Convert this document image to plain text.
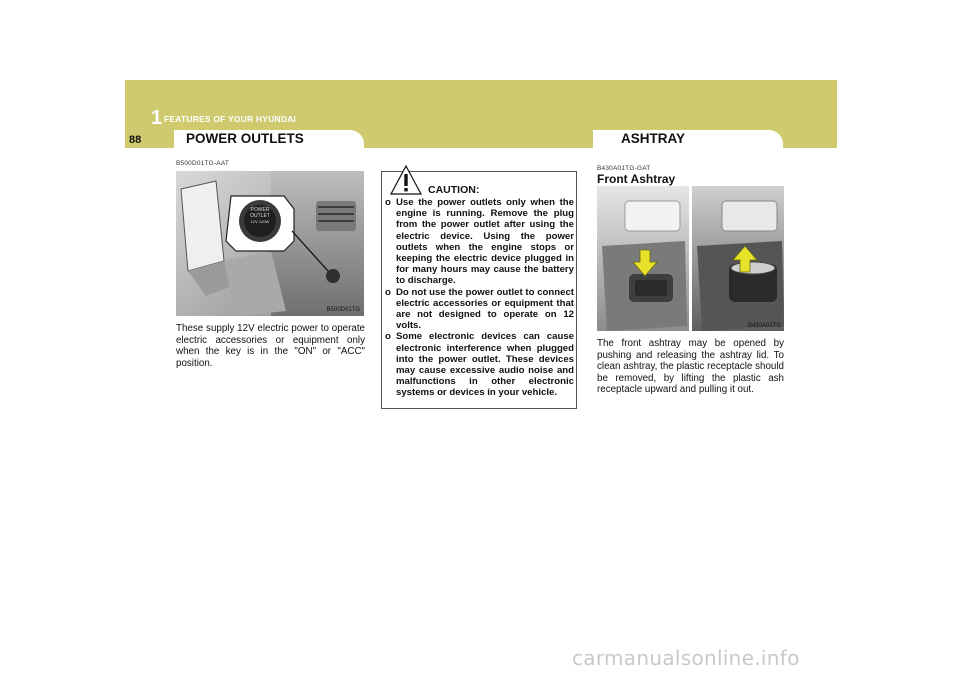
1 FEATURES OF YOUR HYUNDAI
88	POWER OUTLETS	ASHTRAY
B500D01TG-AAT
POWER
OUTLET
12V 120W
B500D01TG
These supply 12V electric power to operate electric accessories or equipment only when the key is in the "ON" or "ACC" position.
CAUTION:
o Use the power outlets only when the engine is running. Remove the plug from the power outlet after using the electric device. Using the power outlets when the engine stops or keeping the electric device plugged in for many hours may cause the battery to discharge.
o Do not use the power outlet to connect electric accessories or equipment that are not designed to operate on 12 volts.
o Some electronic devices can cause electronic interference when plugged into the power outlet. These devices may cause excessive audio noise and malfunctions in other electronic systems or devices in your vehicle.
B430A01TG-GAT
Front Ashtray
B430A01TG
The front ashtray may be opened by pushing and releasing the ashtray lid. To clean ashtray, the plastic receptacle should be removed, by lifting the plastic ash receptacle upward and pulling it out.
carmanualsonline.info
